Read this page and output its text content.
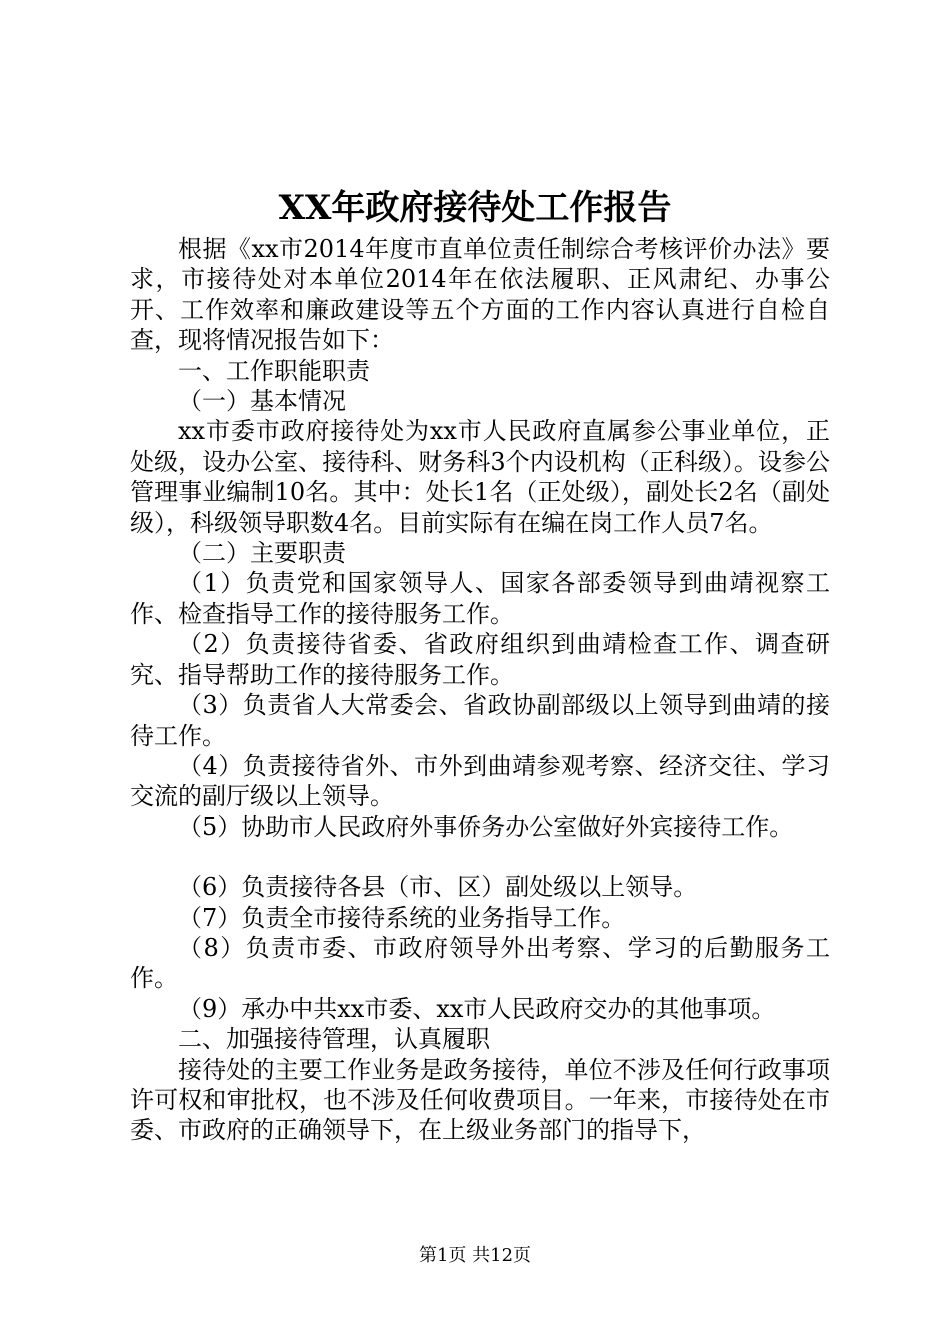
XX年政府接待处工作报告

根据《xx市2014年度市直单位责任制综合考核评价办法》要求，市接待处对本单位2014年在依法履职、正风肃纪、办事公开、工作效率和廉政建设等五个方面的工作内容认真进行自检自查，现将情况报告如下：

一、工作职能职责

（一）基本情况

xx市委市政府接待处为xx市人民政府直属参公事业单位，正处级，设办公室、接待科、财务科3个内设机构（正科级）。设参公管理事业编制10名。其中：处长1名（正处级），副处长2名（副处级），科级领导职数4名。目前实际有在编在岗工作人员7名。

（二）主要职责

（1）负责党和国家领导人、国家各部委领导到曲靖视察工作、检查指导工作的接待服务工作。

（2）负责接待省委、省政府组织到曲靖检查工作、调查研究、指导帮助工作的接待服务工作。

（3）负责省人大常委会、省政协副部级以上领导到曲靖的接待工作。

（4）负责接待省外、市外到曲靖参观考察、经济交往、学习交流的副厅级以上领导。

（5）协助市人民政府外事侨务办公室做好外宾接待工作。

（6）负责接待各县（市、区）副处级以上领导。

（7）负责全市接待系统的业务指导工作。

（8）负责市委、市政府领导外出考察、学习的后勤服务工作。

（9）承办中共xx市委、xx市人民政府交办的其他事项。

二、加强接待管理，认真履职

接待处的主要工作业务是政务接待，单位不涉及任何行政事项许可权和审批权，也不涉及任何收费项目。一年来，市接待处在市委、市政府的正确领导下，在上级业务部门的指导下，

第1页 共12页
